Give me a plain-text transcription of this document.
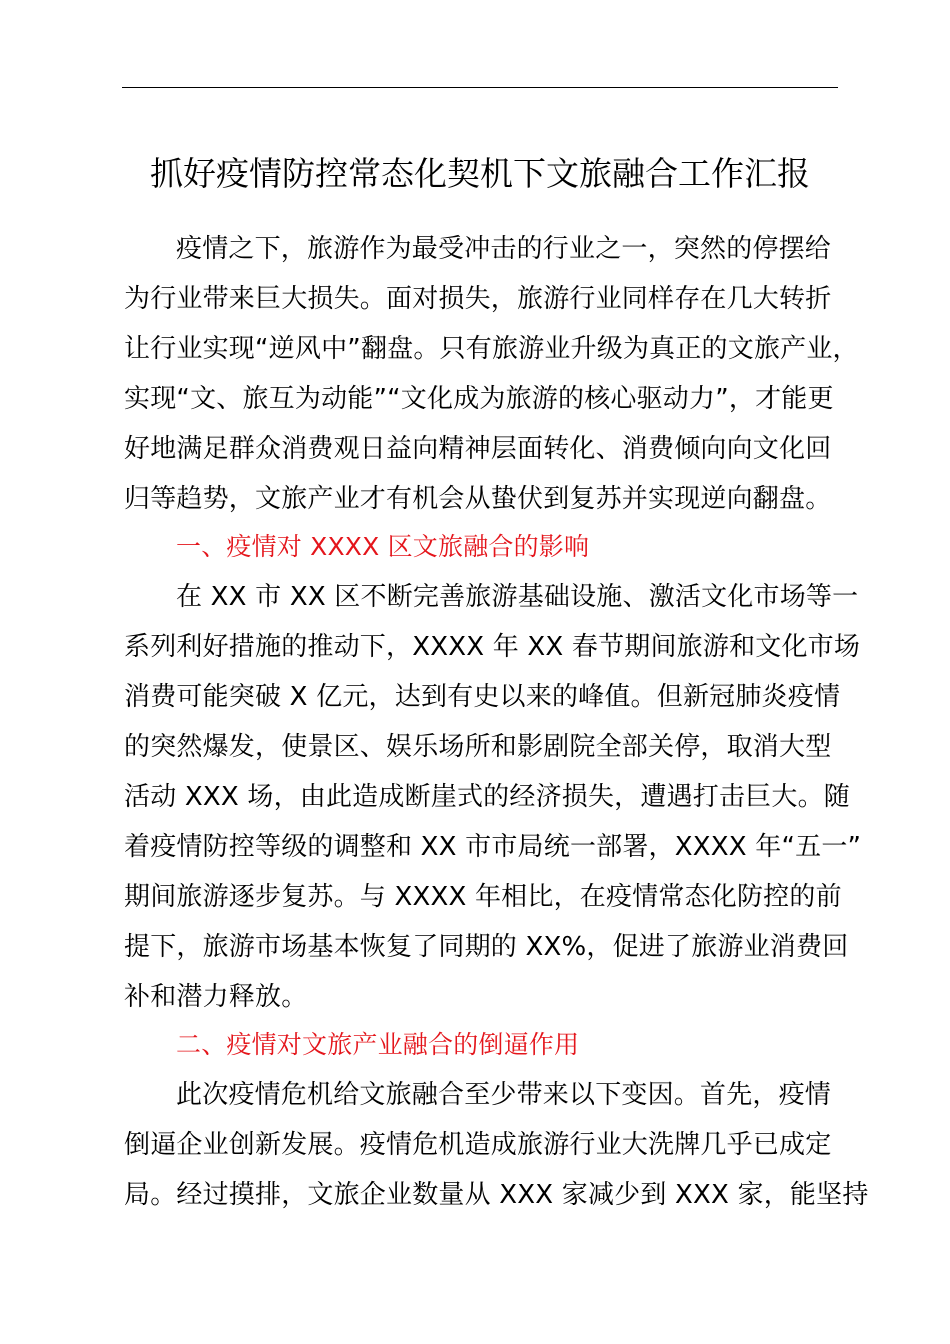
抓好疫情防控常态化契机下文旅融合工作汇报
疫情之下，旅游作为最受冲击的行业之一，突然的停摆给
为行业带来巨大损失。面对损失，旅游行业同样存在几大转折
让行业实现“逆风中”翻盘。只有旅游业升级为真正的文旅产业，
实现“文、旅互为动能”“文化成为旅游的核心驱动力”，才能更
好地满足群众消费观日益向精神层面转化、消费倾向向文化回
归等趋势，文旅产业才有机会从蛰伏到复苏并实现逆向翻盘。
一、疫情对 XXXX 区文旅融合的影响
在 XX 市 XX 区不断完善旅游基础设施、激活文化市场等一
系列利好措施的推动下，XXXX 年 XX 春节期间旅游和文化市场
消费可能突破 X 亿元，达到有史以来的峰值。但新冠肺炎疫情
的突然爆发，使景区、娱乐场所和影剧院全部关停，取消大型
活动 XXX 场，由此造成断崖式的经济损失，遭遇打击巨大。随
着疫情防控等级的调整和 XX 市市局统一部署，XXXX 年“五一”
期间旅游逐步复苏。与 XXXX 年相比，在疫情常态化防控的前
提下，旅游市场基本恢复了同期的 XX%，促进了旅游业消费回
补和潜力释放。
二、疫情对文旅产业融合的倒逼作用
此次疫情危机给文旅融合至少带来以下变因。首先，疫情
倒逼企业创新发展。疫情危机造成旅游行业大洗牌几乎已成定
局。经过摸排，文旅企业数量从 XXX 家减少到 XXX 家，能坚持
